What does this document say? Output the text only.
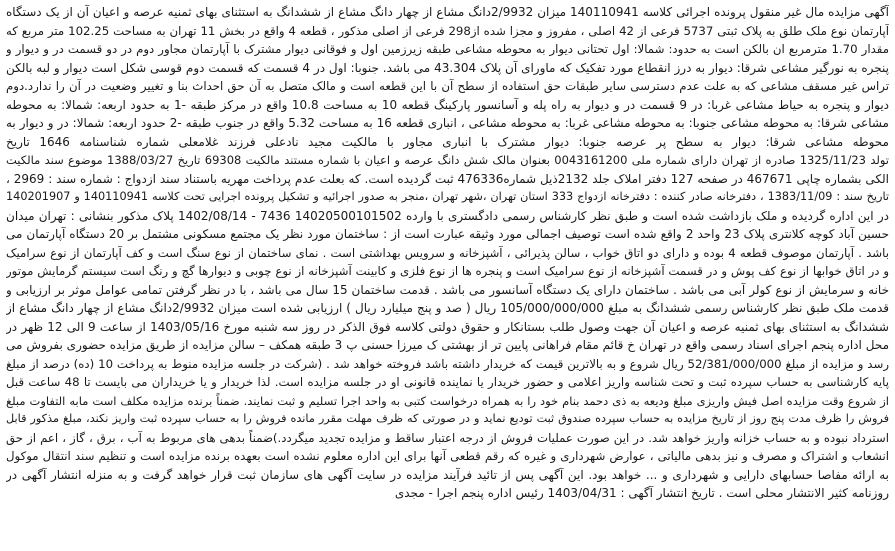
آگهی مزایده مال غیر منقول پرونده اجرائی کلاسه 140110941 میزان 2/9932دانگ مشاع از چهار دانگ مشاع از ششدانگ به استثنای بهای ثمنیه عرصه و اعیان آن از یک دستگاه
آپارتمان نوع ملک طلق به پلاک ثبتی 5737 فرعی از 42 اصلی ، مفروز و مجزا شده از298 فرعی از اصلی مذکور ، قطعه 4 واقع در بخش 11 تهران به مساحت 102.25 متر مربع که
مقدار 1.70 مترمربع ان بالکن است به حدود: شمالا: اول تحتانی دیوار به محوطه مشاعی طبقه زیرزمین اول و فوقانی دیوار مشترک با آپارتمان مجاور دوم در دو قسمت در و دیوار و
پنجره به نورگیر مشاعی شرقا: دیوار به درز انقطاع مورد تفکیک که ماورای آن پلاک 43.304 می باشد. جنوبا: اول در 4 قسمت که قسمت دوم قوسی شکل است دیوار و لبه بالکن
تراس غیر مسقف مشاعی که به علت عدم دسترسی سایر طبقات حق استفاده از سطح آن با این قطعه است و مالک متصل به آن حق احداث بنا و تغییر وضعیت در آن را ندارد.دوم
دیوار و پنجره به حیاط مشاعی غربا: در 9 قسمت در و دیوار به راه پله و آسانسور پارکینگ قطعه 10 به مساحت 10.8 واقع در مرکز طبقه -1 به حدود اربعه: شمالا: به محوطه
مشاعی شرقا: به محوطه مشاعی جنوبا: به محوطه مشاعی غربا: به محوطه مشاعی ، انباری قطعه 16 به مساحت 5.32 واقع در جنوب طبقه -2 حدود اربعه: شمالا: در و دیوار به
محوطه مشاعی شرقا: دیوار به سطح پر عرصه جنوبا: دیوار مشترک با انباری مجاور با مالکیت مجید نادعلی فرزند غلامعلی شماره شناسنامه 1646 تاریخ
تولد 1325/11/23 صادره از تهران دارای شماره ملی 0043161200 بعنوان مالک شش دانگ عرصه و اعیان با شماره مستند مالکیت 69308 تاریخ 1388/03/27 موضوع سند مالکیت
الکی بشماره چاپی 467671 در صفحه 127 دفتر املاک جلد 2132ذیل شماره476336 ثبت گردیده است. که بعلت عدم پرداخت مهریه باستناد سند ازدواج : شماره سند : 2969 ،
تاریخ سند : 1383/11/09 ، دفترخانه صادر کننده : دفترخانه ازدواج 333 استان تهران ،شهر تهران ،منجر به صدور اجرائیه و تشکیل پرونده اجرایی تحت کلاسه 140110941 و 140201907
در این اداره گردیده و ملک بازداشت شده است و طبق نظر کارشناس رسمی دادگستری با وارده 14020500101502 7436 - 1402/08/14 پلاک مذکور بنشانی : تهران میدان
حسین آباد کوچه کلانتری پلاک 23 واحد 2 واقع شده است توصیف اجمالی مورد وثیقه عبارت است از : ساختمان مورد نظر یک مجتمع مسکونی مشتمل بر 20 دستگاه آپارتمان می
باشد . آپارتمان موصوف قطعه 4 بوده و دارای دو اتاق خواب ، سالن پذیرائی ، آشپزخانه و سرویس بهداشتی است . نمای ساختمان از نوع سنگ است و کف آپارتمان از نوع سرامیک
و در اتاق خوابها از نوع کف پوش و در قسمت آشپزخانه از نوع سرامیک است و پنجره ها از نوع فلزی و کابینت آشپزخانه از نوع چوبی و دیوارها گچ و رنگ است سیستم گرمایش موتور
خانه و سرمایش از نوع کولر آبی می باشد . ساختمان دارای یک دستگاه آسانسور می باشد . قدمت ساختمان 15 سال می باشد ، با در نظر گرفتن تمامی عوامل موثر بر ارزیابی و
قدمت ملک طبق نظر کارشناس رسمی ششدانگ به مبلغ 105/000/000/000 ریال ( صد و پنج میلیارد ریال ) ارزیابی شده است میزان 2/9932دانگ مشاع از چهار دانگ مشاع از
ششدانگ به استثنای بهای ثمنیه عرصه و اعیان آن جهت وصول طلب بستانکار و حقوق دولتی کلاسه فوق الذکر در روز سه شنبه مورخ 1403/05/16 از ساعت 9 الی 12 ظهر در
محل اداره پنجم اجرای اسناد رسمی واقع در تهران خ قائم مقام فراهانی پایین تر از بهشتی ک میرزا حسنی پ 3 طبقه همکف – سالن مزایده از طریق مزایده حضوری بفروش می
رسد و مزایده از مبلغ 52/381/000/000 ریال شروع و به بالاترین قیمت که خریدار داشته باشد فروخته خواهد شد . (شرکت در جلسه مزایده منوط به پرداخت 10 (ده) درصد از مبلغ
پایه کارشناسی به حساب سپرده ثبت و تحت شناسه واریز اعلامی و حضور خریدار یا نماینده قانونی او در جلسه مزایده است. لذا خریدار و یا خریداران می بایست تا 48 ساعت قبل
از شروع وقت مزایده اصل فیش واریزی مبلغ ودیعه به ذی دحمد بنام خود را به همراه درخواست کتبی به واحد اجرا تسلیم و ثبت نمایند. ضمناً برنده مزایده مکلف است مابه التفاوت مبلغ
فروش را ظرف مدت پنج روز از تاریخ مزایده به حساب سپرده صندوق ثبت تودیع نماید و در صورتی که ظرف مهلت مقرر مانده فروش را به حساب سپرده ثبت واریز نکند، مبلغ مذکور قابل
استرداد نبوده و به حساب خزانه واریز خواهد شد. در این صورت عملیات فروش از درجه اعتبار ساقط و مزایده تجدید میگردد.)ضمناً بدهی های مربوط به آب ، برق ، گاز ، اعم از حق
انشعاب و اشتراک و مصرف و نیز بدهی مالیاتی ، عوارض شهرداری و غیره که رقم قطعی آنها برای این اداره معلوم نشده است بعهده برنده مزایده است و تنظیم سند انتقال موکول
به ارائه مفاصا حسابهای دارایی و شهرداری و ... خواهد بود. این آگهی پس از تائید فرآیند مزایده در سایت آگهی های سازمان ثبت قرار خواهد گرفت و به منزله انتشار آگهی در
روزنامه کثیر الانتشار محلی است . تاریخ انتشار آگهی : 1403/04/31 رئیس اداره پنجم اجرا - مجدی
